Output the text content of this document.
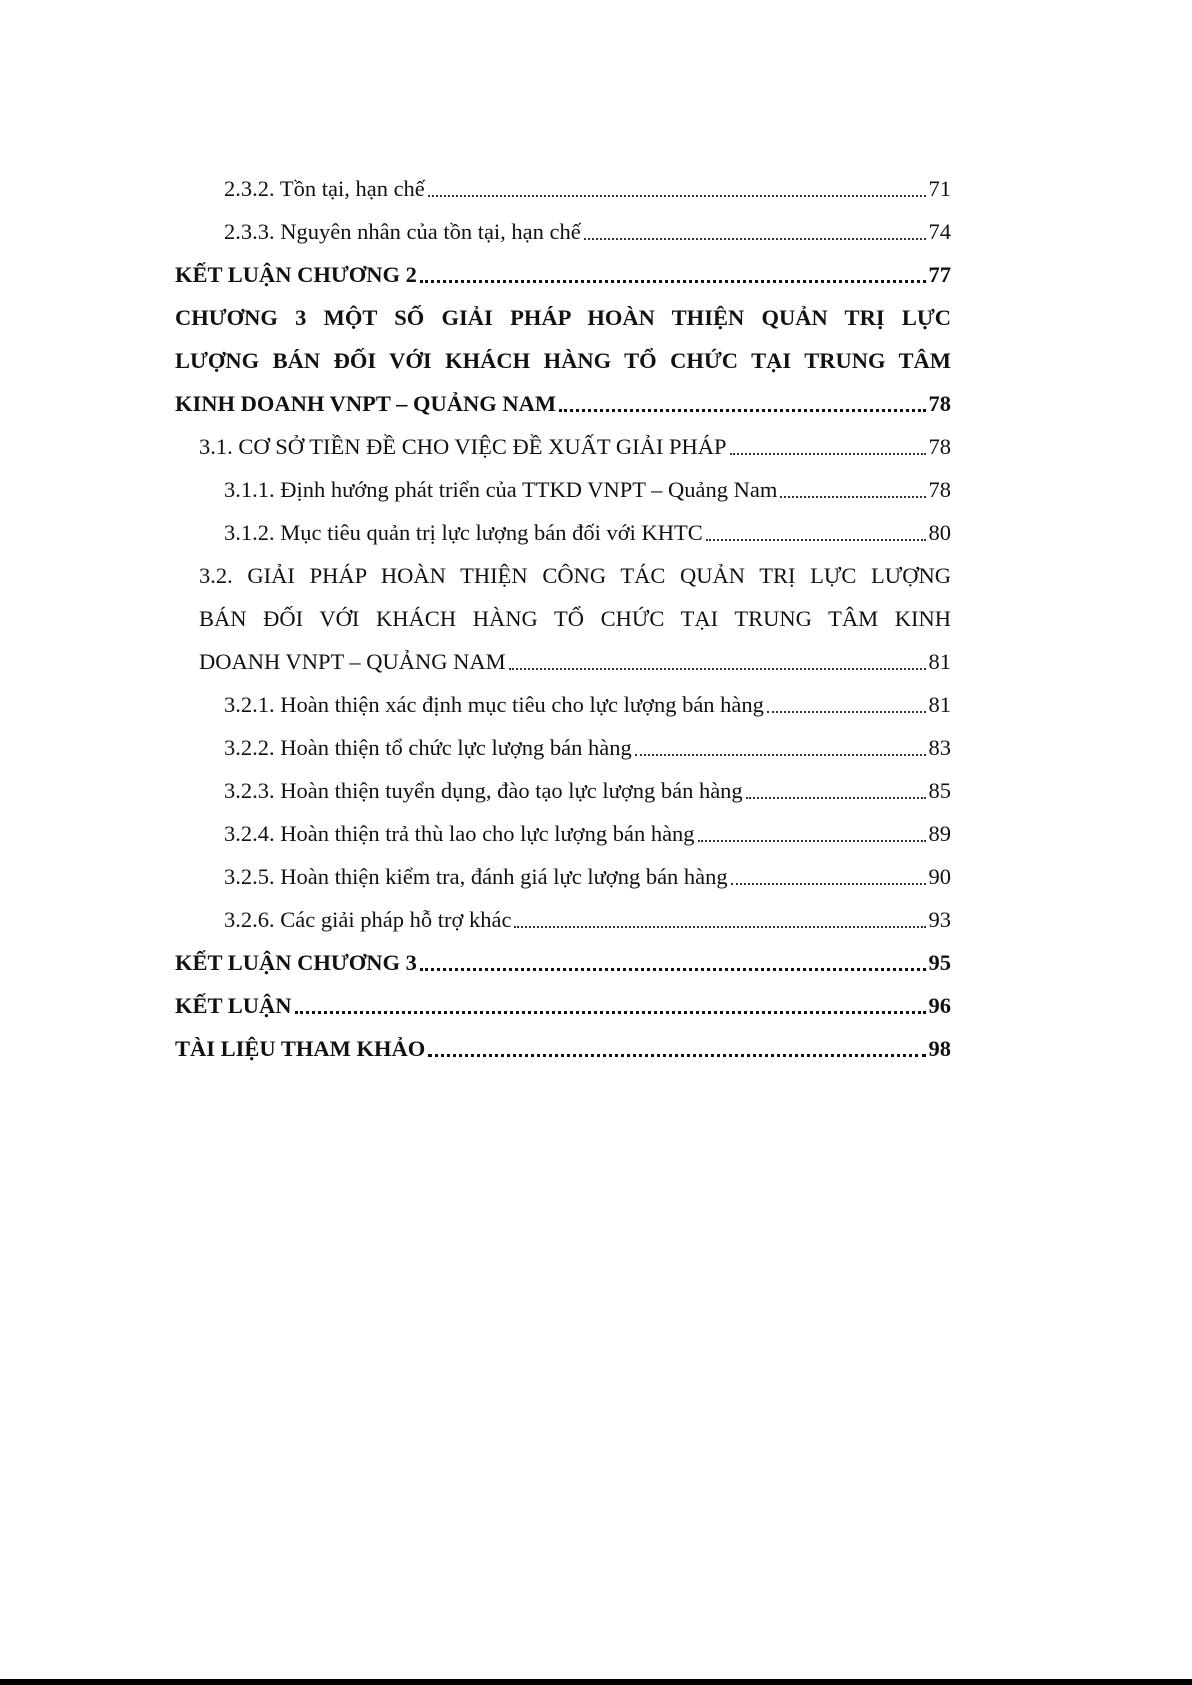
2.3.2. Tồn tại, hạn chế	71
2.3.3. Nguyên nhân của tồn tại, hạn chế	74
KẾT LUẬN CHƯƠNG 2	77
CHƯƠNG 3 MỘT SỐ GIẢI PHÁP HOÀN THIỆN QUẢN TRỊ LỰC
LƯỢNG BÁN ĐỐI VỚI KHÁCH HÀNG TỔ CHỨC TẠI TRUNG TÂM
KINH DOANH VNPT – QUẢNG NAM	78
3.1. CƠ SỞ TIỀN ĐỀ CHO VIỆC ĐỀ XUẤT GIẢI PHÁP	78
3.1.1. Định hướng phát triển của TTKD VNPT – Quảng Nam	78
3.1.2. Mục tiêu quản trị lực lượng bán đối với KHTC	80
3.2. GIẢI PHÁP HOÀN THIỆN CÔNG TÁC QUẢN TRỊ LỰC LƯỢNG
BÁN ĐỐI VỚI KHÁCH HÀNG TỔ CHỨC TẠI TRUNG TÂM KINH
DOANH VNPT – QUẢNG NAM	81
3.2.1. Hoàn thiện xác định mục tiêu cho lực lượng bán hàng	81
3.2.2. Hoàn thiện tổ chức lực lượng bán hàng	83
3.2.3. Hoàn thiện tuyển dụng, đào tạo lực lượng bán hàng	85
3.2.4. Hoàn thiện trả thù lao cho lực lượng bán hàng	89
3.2.5. Hoàn thiện kiểm tra, đánh giá lực lượng bán hàng	90
3.2.6. Các giải pháp hỗ trợ khác	93
KẾT LUẬN CHƯƠNG 3	95
KẾT LUẬN	96
TÀI LIỆU THAM KHẢO	98
